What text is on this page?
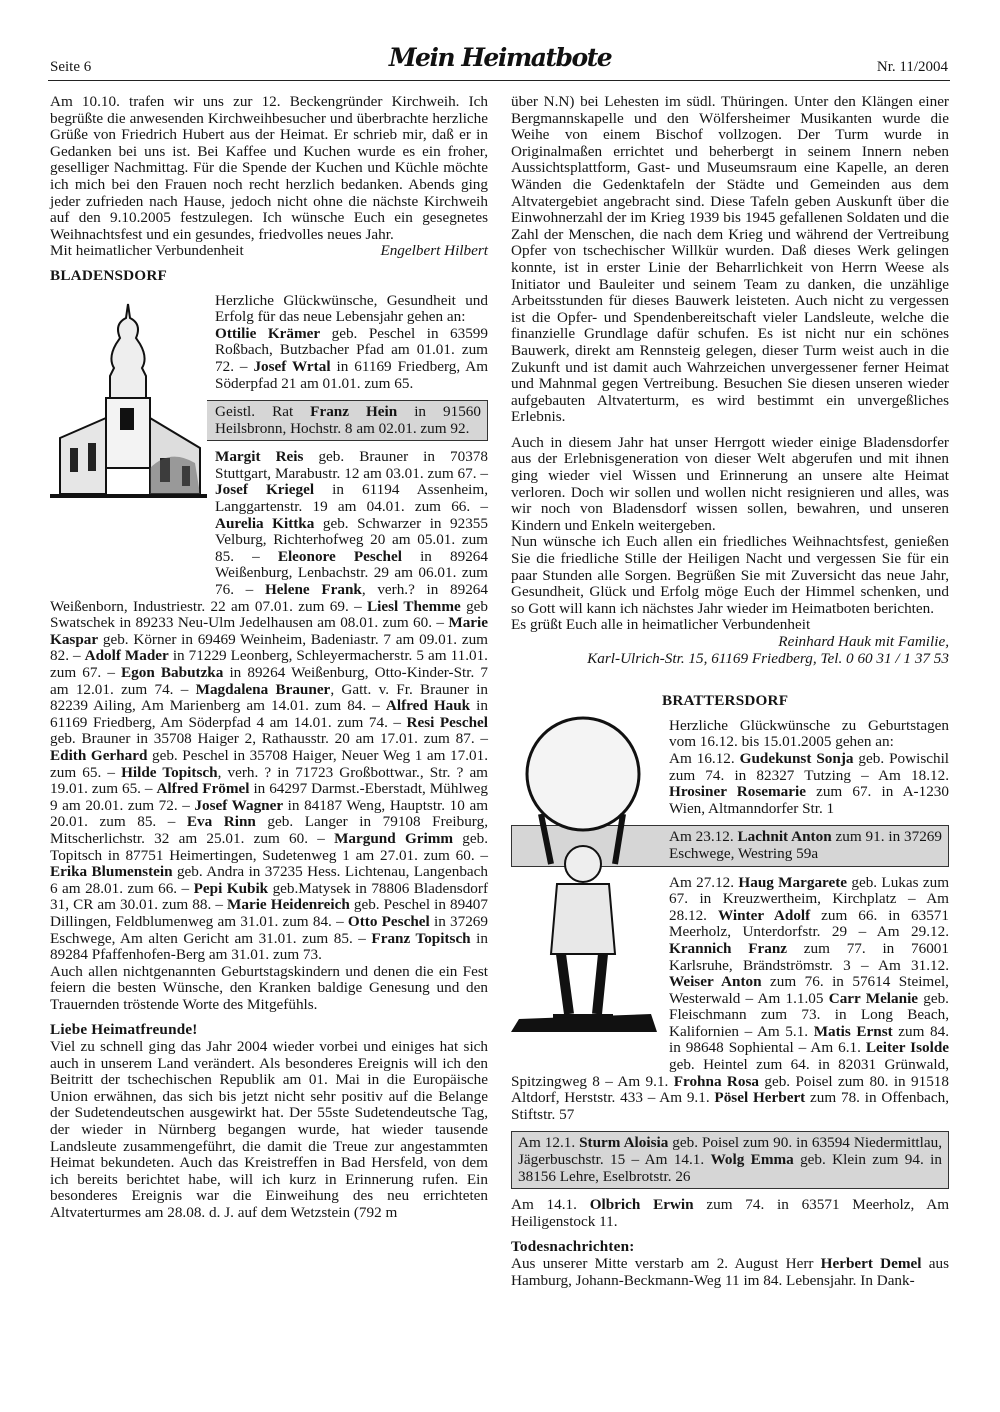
Seite 6	Mein Heimatbote	Nr. 11/2004

Am 10.10. trafen wir uns zur 12. Beckengründer Kirchweih. Ich begrüßte die anwesenden Kirchweihbesucher und überbrachte herzliche Grüße von Friedrich Hubert aus der Heimat. Er schrieb mir, daß er in Gedanken bei uns ist. Bei Kaffee und Kuchen wurde es ein froher, geselliger Nachmittag. Für die Spende der Kuchen und Küchle möchte ich mich bei den Frauen noch recht herzlich bedanken. Abends ging jeder zufrieden nach Hause, jedoch nicht ohne die nächste Kirchweih auf den 9.10.2005 festzulegen. Ich wünsche Euch ein gesegnetes Weihnachtsfest und ein gesundes, friedvolles neues Jahr.

Mit heimatlicher Verbundenheit	Engelbert Hilbert
BLADENSDORF

Herzliche Glückwünsche, Gesundheit und Erfolg für das neue Lebensjahr gehen an:

Ottilie Krämer geb. Peschel in 63599 Roßbach, Butzbacher Pfad am 01.01. zum 72. – Josef Wrtal in 61169 Friedberg, Am Söderpfad 21 am 01.01. zum 65.

Geistl. Rat Franz Hein in 91560 Heilsbronn, Hochstr. 8 am 02.01. zum 92.

Margit Reis geb. Brauner in 70378 Stuttgart, Marabustr. 12 am 03.01. zum 67. – Josef Kriegel in 61194 Assenheim, Langgartenstr. 19 am 04.01. zum 66. – Aurelia Kittka geb. Schwarzer in 92355 Velburg, Richterhofweg 20 am 05.01. zum 85. – Eleonore Peschel in 89264 Weißenburg, Lenbachstr. 29 am 06.01. zum 76. – Helene Frank, verh.? in 89264 Weißenborn, Industriestr. 22 am 07.01. zum 69. – Liesl Themme geb Swatschek in 89233 Neu-Ulm Jedelhausen am 08.01. zum 60. – Marie Kaspar geb. Körner in 69469 Weinheim, Badeniastr. 7 am 09.01. zum 82. – Adolf Mader in 71229 Leonberg, Schleyermacherstr. 5 am 11.01. zum 67. – Egon Babutzka in 89264 Weißenburg, Otto-Kinder-Str. 7 am 12.01. zum 74. – Magdalena Brauner, Gatt. v. Fr. Brauner in 82239 Ailing, Am Marienberg am 14.01. zum 84. – Alfred Hauk in 61169 Friedberg, Am Söderpfad 4 am 14.01. zum 74. – Resi Peschel geb. Brauner in 35708 Haiger 2, Rathausstr. 20 am 17.01. zum 87. – Edith Gerhard geb. Peschel in 35708 Haiger, Neuer Weg 1 am 17.01. zum 65. – Hilde Topitsch, verh. ? in 71723 Großbottwar., Str. ? am 19.01. zum 65. – Alfred Frömel in 64297 Darmst.-Eberstadt, Mühlweg 9 am 20.01. zum 72. – Josef Wagner in 84187 Weng, Hauptstr. 10 am 20.01. zum 85. – Eva Rinn geb. Langer in 79108 Freiburg, Mitscherlichstr. 32 am 25.01. zum 60. – Margund Grimm geb. Topitsch in 87751 Heimertingen, Sudetenweg 1 am 27.01. zum 60. – Erika Blumenstein geb. Andra in 37235 Hess. Lichtenau, Langenbach 6 am 28.01. zum 66. – Pepi Kubik geb.Matysek in 78806 Bladensdorf 31, CR am 30.01. zum 88. – Marie Heidenreich geb. Peschel in 89407 Dillingen, Feldblumenweg am 31.01. zum 84. – Otto Peschel in 37269 Eschwege, Am alten Gericht am 31.01. zum 85. – Franz Topitsch in 89284 Pfaffenhofen-Berg am 31.01. zum 73.

Auch allen nichtgenannten Geburtstagskindern und denen die ein Fest feiern die besten Wünsche, den Kranken baldige Genesung und den Trauernden tröstende Worte des Mitgefühls.

Liebe Heimatfreunde!

Viel zu schnell ging das Jahr 2004 wieder vorbei und einiges hat sich auch in unserem Land verändert. Als besonderes Ereignis will ich den Beitritt der tschechischen Republik am 01. Mai in die Europäische Union erwähnen, das sich bis jetzt nicht sehr positiv auf die Belange der Sudetendeutschen ausgewirkt hat. Der 55ste Sudetendeutsche Tag, der wieder in Nürnberg begangen wurde, hat wieder tausende Landsleute zusammengeführt, die damit die Treue zur angestammten Heimat bekundeten. Auch das Kreistreffen in Bad Hersfeld, von dem ich bereits berichtet habe, will ich kurz in Erinnerung rufen. Ein besonderes Ereignis war die Einweihung des neu errichteten Altvaterturmes am 28.08. d. J. auf dem Wetzstein (792 m

über N.N) bei Lehesten im südl. Thüringen. Unter den Klängen einer Bergmannskapelle und den Wölfersheimer Musikanten wurde die Weihe von einem Bischof vollzogen. Der Turm wurde in Originalmaßen errichtet und beherbergt in seinem Innern neben Aussichtsplattform, Gast- und Museumsraum eine Kapelle, an deren Wänden die Gedenktafeln der Städte und Gemeinden aus dem Altvatergebiet angebracht sind. Diese Tafeln geben Auskunft über die Einwohnerzahl der im Krieg 1939 bis 1945 gefallenen Soldaten und die Zahl der Menschen, die nach dem Krieg und während der Vertreibung Opfer von tschechischer Willkür wurden. Daß dieses Werk gelingen konnte, ist in erster Linie der Beharrlichkeit von Herrn Weese als Initiator und Bauleiter und seinem Team zu danken, die unzählige Arbeitsstunden für dieses Bauwerk leisteten. Auch nicht zu vergessen ist die Opfer- und Spendenbereitschaft vieler Landsleute, welche die finanzielle Grundlage dafür schufen. Es ist nicht nur ein schönes Bauwerk, direkt am Rennsteig gelegen, dieser Turm weist auch in die Zukunft und ist damit auch Wahrzeichen unvergessener ferner Heimat und Mahnmal gegen Vertreibung. Besuchen Sie diesen unseren wieder aufgebauten Altvaterturm, es wird bestimmt ein unvergeßliches Erlebnis.

Auch in diesem Jahr hat unser Herrgott wieder einige Bladensdorfer aus der Erlebnisgeneration von dieser Welt abgerufen und mit ihnen ging wieder viel Wissen und Erinnerung an unsere alte Heimat verloren. Doch wir sollen und wollen nicht resignieren und alles, was wir noch von Bladensdorf wissen sollen, bewahren, und unseren Kindern und Enkeln weitergeben.

Nun wünsche ich Euch allen ein friedliches Weihnachtsfest, genießen Sie die friedliche Stille der Heiligen Nacht und vergessen Sie für ein paar Stunden alle Sorgen. Begrüßen Sie mit Zuversicht das neue Jahr, Gesundheit, Glück und Erfolg möge Euch der Himmel schenken, und so Gott will kann ich nächstes Jahr wieder im Heimatboten berichten.

Es grüßt Euch alle in heimatlicher Verbundenheit

Reinhard Hauk mit Familie,
Karl-Ulrich-Str. 15, 61169 Friedberg, Tel. 0 60 31 / 1 37 53
BRATTERSDORF

Herzliche Glückwünsche zu Geburtstagen vom 16.12. bis 15.01.2005 gehen an:

Am 16.12. Gudekunst Sonja geb. Powischil zum 74. in 82327 Tutzing – Am 18.12. Hrosiner Rosemarie zum 67. in A-1230 Wien, Altmanndorfer Str. 1

Am 23.12. Lachnit Anton zum 91. in 37269 Eschwege, Westring 59a

Am 27.12. Haug Margarete geb. Lukas zum 67. in Kreuzwertheim, Kirchplatz – Am 28.12. Winter Adolf zum 66. in 63571 Meerholz, Unterdorfstr. 29 – Am 29.12. Krannich Franz zum 77. in 76001 Karlsruhe, Brändströmstr. 3 – Am 31.12. Weiser Anton zum 76. in 57614 Steimel, Westerwald – Am 1.1.05 Carr Melanie geb. Fleischmann zum 73. in Long Beach, Kalifornien – Am 5.1. Matis Ernst zum 84. in 98648 Sophiental – Am 6.1. Leiter Isolde geb. Heintel zum 64. in 82031 Grünwald, Spitzingweg 8 – Am 9.1. Frohna Rosa geb. Poisel zum 80. in 91518 Altdorf, Herststr. 433 – Am 9.1. Pösel Herbert zum 78. in Offenbach, Stiftstr. 57

Am 12.1. Sturm Aloisia geb. Poisel zum 90. in 63594 Niedermittlau, Jägerbuschstr. 15 – Am 14.1. Wolg Emma geb. Klein zum 94. in 38156 Lehre, Eselbrotstr. 26

Am 14.1. Olbrich Erwin zum 74. in 63571 Meerholz, Am Heiligenstock 11.

Todesnachrichten:

Aus unserer Mitte verstarb am 2. August Herr Herbert Demel aus Hamburg, Johann-Beckmann-Weg 11 im 84. Lebensjahr. In Dank-
